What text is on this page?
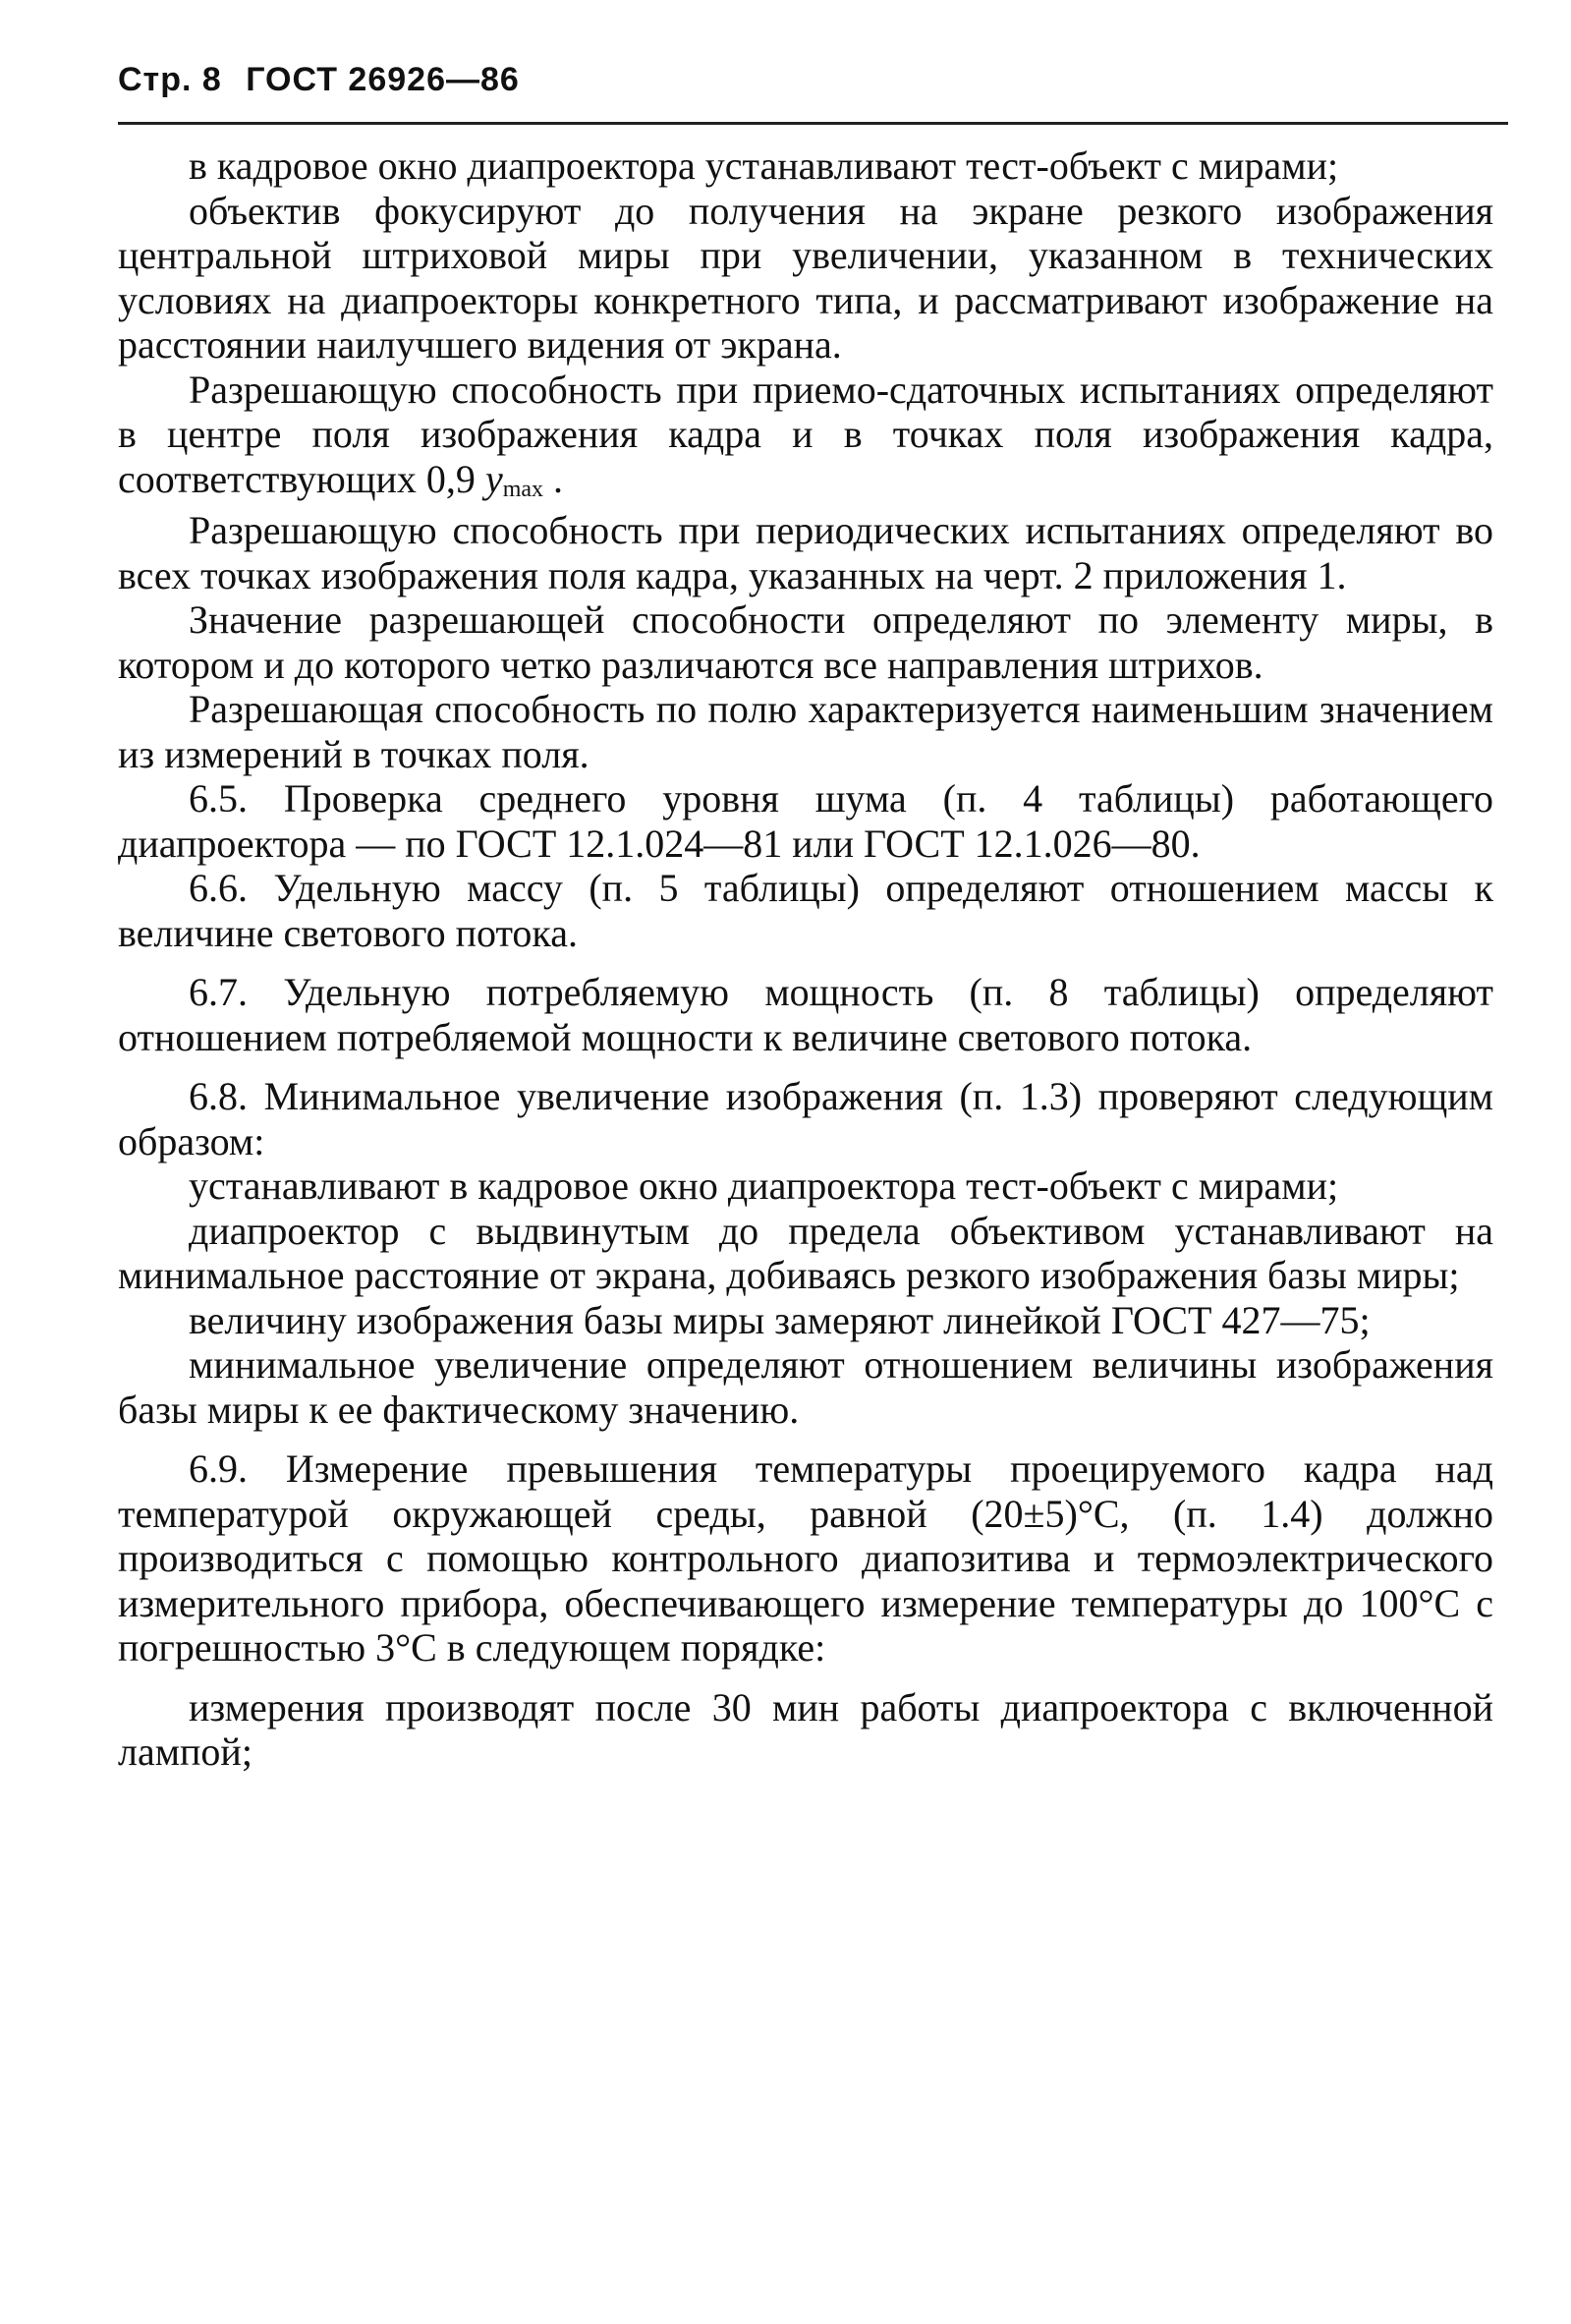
Стр. 8 ГОСТ 26926—86

в кадровое окно диапроектора устанавливают тест-объект с мирами;

объектив фокусируют до получения на экране резкого изображения центральной штриховой миры при увеличении, указанном в технических условиях на диапроекторы конкретного типа, и рассматривают изображение на расстоянии наилучшего видения от экрана.

Разрешающую способность при приемо-сдаточных испытаниях определяют в центре поля изображения кадра и в точках поля изображения кадра, соответствующих 0,9 $y_{max}$ .

Разрешающую способность при периодических испытаниях определяют во всех точках изображения поля кадра, указанных на черт. 2 приложения 1.

Значение разрешающей способности определяют по элементу миры, в котором и до которого четко различаются все направления штрихов.

Разрешающая способность по полю характеризуется наименьшим значением из измерений в точках поля.

6.5. Проверка среднего уровня шума (п. 4 таблицы) работающего диапроектора — по ГОСТ 12.1.024—81 или ГОСТ 12.1.026—80.

6.6. Удельную массу (п. 5 таблицы) определяют отношением массы к величине светового потока.

6.7. Удельную потребляемую мощность (п. 8 таблицы) определяют отношением потребляемой мощности к величине светового потока.

6.8. Минимальное увеличение изображения (п. 1.3) проверяют следующим образом:

устанавливают в кадровое окно диапроектора тест-объект с мирами;

диапроектор с выдвинутым до предела объективом устанавливают на минимальное расстояние от экрана, добиваясь резкого изображения базы миры;

величину изображения базы миры замеряют линейкой ГОСТ 427—75;

минимальное увеличение определяют отношением величины изображения базы миры к ее фактическому значению.

6.9. Измерение превышения температуры проецируемого кадра над температурой окружающей среды, равной (20±5)°С, (п. 1.4) должно производиться с помощью контрольного диапозитива и термоэлектрического измерительного прибора, обеспечивающего измерение температуры до 100°С с погрешностью 3°С в следующем порядке:

измерения производят после 30 мин работы диапроектора с включенной лампой;
